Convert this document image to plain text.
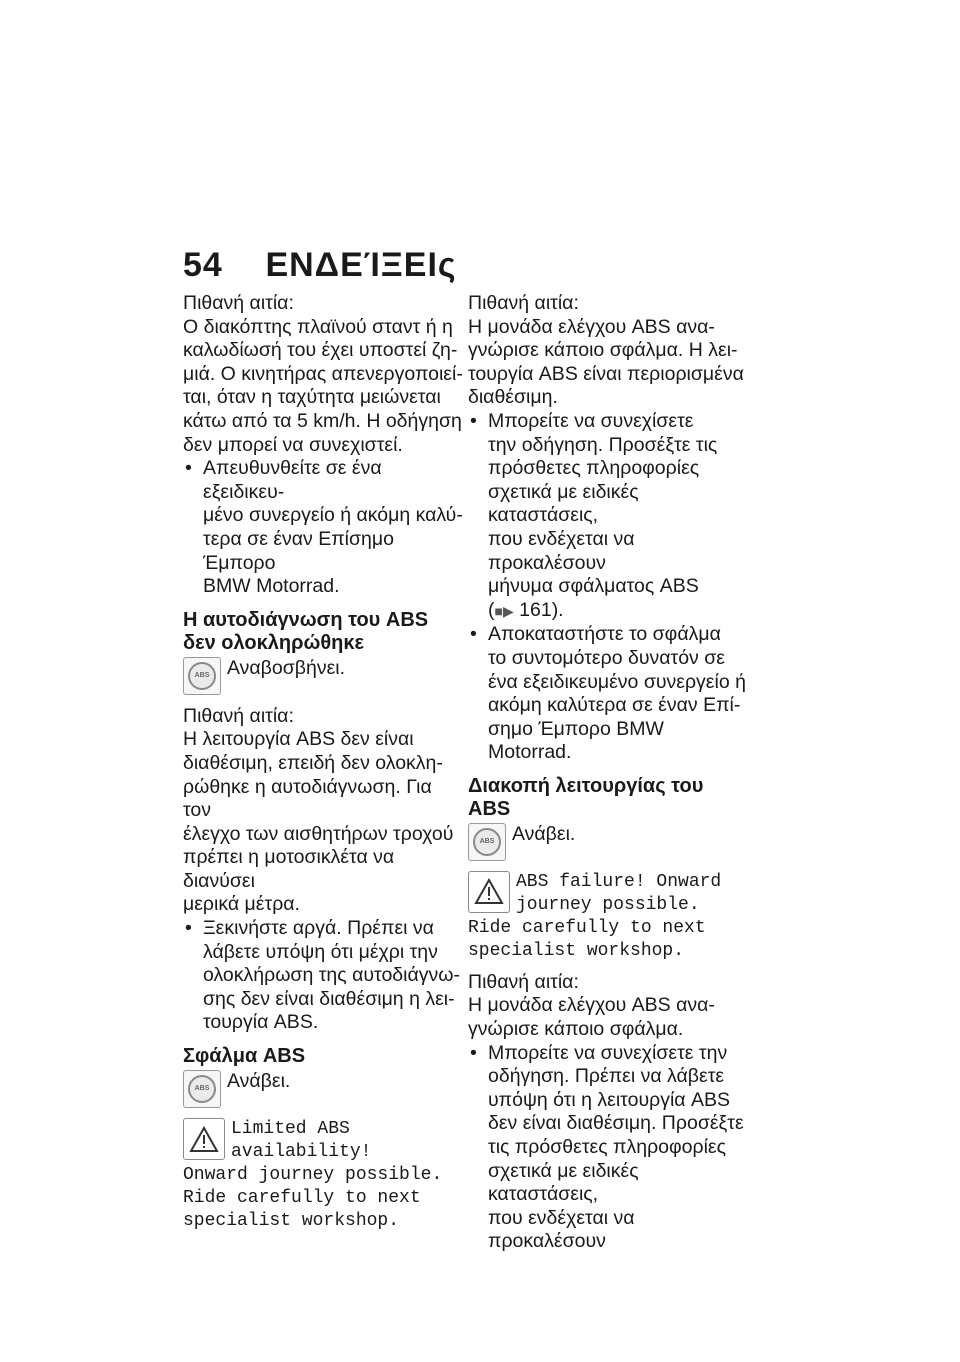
54 ΕΝΔΕΊΞΕΙς

Πιθανή αιτία:

Ο διακόπτης πλαϊνού σταντ ή η

καλωδίωσή του έχει υποστεί ζη-

μιά. Ο κινητήρας απενεργοποιεί-

ται, όταν η ταχύτητα μειώνεται

κάτω από τα 5 km/h. Η οδήγηση

δεν μπορεί να συνεχιστεί.

• Απευθυνθείτε σε ένα εξειδικευ-

μένο συνεργείο ή ακόμη καλύ-

τερα σε έναν Επίσημο Έμπορο

BMW Motorrad.

Η αυτοδιάγνωση του ABS
δεν ολοκληρώθηκε
ABS Αναβοσβήνει.

Πιθανή αιτία:

Η λειτουργία ABS δεν είναι

διαθέσιμη, επειδή δεν ολοκλη-

ρώθηκε η αυτοδιάγνωση. Για τον

έλεγχο των αισθητήρων τροχού

πρέπει η μοτοσικλέτα να διανύσει

μερικά μέτρα.

• Ξεκινήστε αργά. Πρέπει να

λάβετε υπόψη ότι μέχρι την

ολοκλήρωση της αυτοδιάγνω-

σης δεν είναι διαθέσιμη η λει-

τουργία ABS.

Σφάλμα ABS
ABS Ανάβει.

Limited ABS

availability!

Onward journey possible.

Ride carefully to next

specialist workshop.

Πιθανή αιτία:

Η μονάδα ελέγχου ABS ανα-

γνώρισε κάποιο σφάλμα. Η λει-

τουργία ABS είναι περιορισμένα

διαθέσιμη.

• Μπορείτε να συνεχίσετε

την οδήγηση. Προσέξτε τις

πρόσθετες πληροφορίες

σχετικά με ειδικές καταστάσεις,

που ενδέχεται να προκαλέσουν

μήνυμα σφάλματος ABS

(■▶ 161).

• Αποκαταστήστε το σφάλμα

το συντομότερο δυνατόν σε

ένα εξειδικευμένο συνεργείο ή

ακόμη καλύτερα σε έναν Επί-

σημο Έμπορο BMW Motorrad.

Διακοπή λειτουργίας του
ABS
ABS Ανάβει.

ABS failure! Onward

journey possible.

Ride carefully to next

specialist workshop.

Πιθανή αιτία:

Η μονάδα ελέγχου ABS ανα-

γνώρισε κάποιο σφάλμα.

• Μπορείτε να συνεχίσετε την

οδήγηση. Πρέπει να λάβετε

υπόψη ότι η λειτουργία ABS

δεν είναι διαθέσιμη. Προσέξτε

τις πρόσθετες πληροφορίες

σχετικά με ειδικές καταστάσεις,

που ενδέχεται να προκαλέσουν
